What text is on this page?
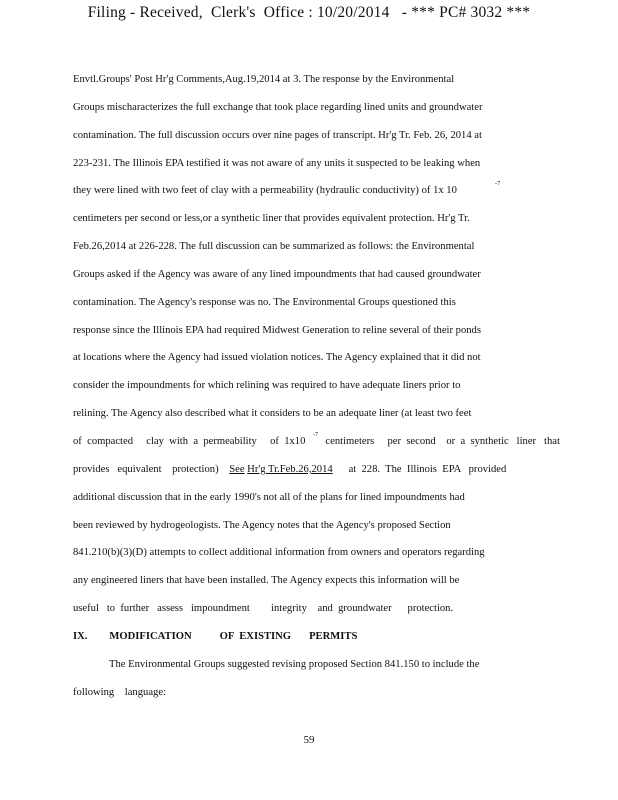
Filing - Received,  Clerk's  Office : 10/20/2014   - *** PC# 3032 ***
Envtl.Groups' Post Hr'g Comments,Aug.19,2014 at 3. The response by the Environmental
Groups mischaracterizes the full exchange that took place regarding lined units and groundwater
contamination. The full discussion occurs over nine pages of transcript. Hr'g Tr. Feb. 26, 2014 at
223-231. The Illinois EPA testified it was not aware of any units it suspected to be leaking when
they were lined with two feet of clay with a permeability (hydraulic conductivity) of 1x 10
-7
centimeters per second or less,or a synthetic liner that provides equivalent protection. Hr'g Tr.
Feb.26,2014 at 226-228. The full discussion can be summarized as follows: the Environmental
Groups asked if the Agency was aware of any lined impoundments that had caused groundwater
contamination. The Agency's response was no. The Environmental Groups questioned this
response since the Illinois EPA had required Midwest Generation to reline several of their ponds
at locations where the Agency had issued violation notices. The Agency explained that it did not
consider the impoundments for which relining was required to have adequate liners prior to
relining. The Agency also described what it considers to be an adequate liner (at least two feet
of  compacted     clay  with  a  permeability     of  1x10
-7
centimeters     per  second    or  a  synthetic   liner   that
provides   equivalent    protection) See
Hr'g Tr.Feb.26,2014 at  228.  The  Illinois  EPA   provided
additional discussion that in the early 1990's not all of the plans for lined impoundments had
been reviewed by hydrogeologists. The Agency notes that the Agency's proposed Section
841.210(b)(3)(D) attempts to collect additional information from owners and operators regarding
any engineered liners that have been installed. The Agency expects this information will be
useful   to  further   assess   impoundment        integrity    and  groundwater      protection.
IX. MODIFICATION	OF  EXISTING PERMITS
The Environmental Groups suggested revising proposed Section 841.150 to include the
following    language:
59
